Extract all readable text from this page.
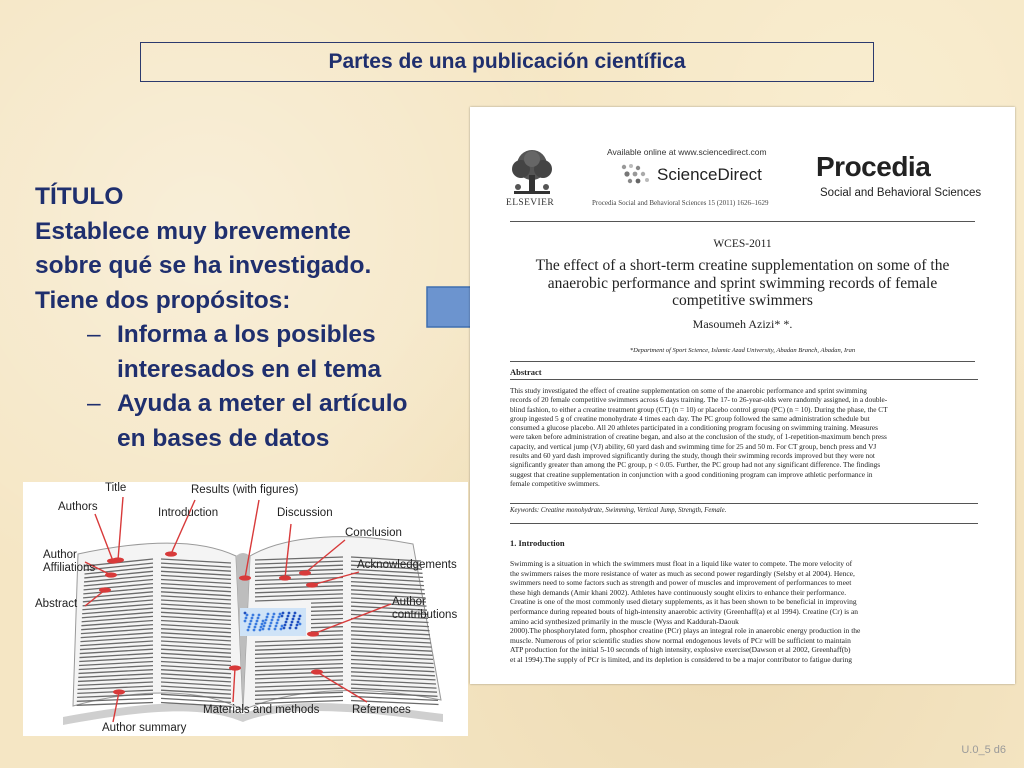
Partes de una publicación científica
TÍTULO
Establece muy brevemente
sobre qué se ha investigado.
Tiene dos propósitos:
– Informa a los posibles
interesados en el tema
– Ayuda a meter el artículo
en bases de datos
ELSEVIER
Available online at www.sciencedirect.com
ScienceDirect
Procedia Social and Behavioral Sciences 15 (2011) 1626–1629
Procedia
Social and Behavioral Sciences
WCES-2011
The effect of a short-term creatine supplementation on some of the
anaerobic performance and sprint swimming records of female
competitive swimmers
Masoumeh Azizi* *.
*Department of Sport Science, Islamic Azad University, Abadan Branch, Abadan, Iran
Abstract
This study investigated the effect of creatine supplementation on some of the anaerobic performance and sprint swimming
records of 20 female competitive swimmers across 6 days training. The 17- to 26-year-olds were randomly assigned, in a double-
blind fashion, to either a creatine treatment group (CT) (n = 10) or placebo control group (PC) (n = 10). During the phase, the CT
group ingested 5 g of creatine monohydrate 4 times each day. The PC group followed the same administration schedule but
consumed a glucose placebo. All 20 athletes participated in a conditioning program focusing on swimming training. Measures
were taken before administration of creatine began, and also at the conclusion of the study, of 1-repetition-maximum bench press
capacity, and vertical jump (VJ) ability, 60 yard dash and swimming time for 25 and 50 m. For CT group, bench press and VJ
results and 60 yard dash improved significantly during the study, though their swimming records improved but they were not
significantly greater than among the PC group, p < 0.05. Further, the PC group had not any significant difference. The findings
suggest that creatine supplementation in conjunction with a good conditioning program can improve athletic performance in
female competitive swimmers.
Keywords: Creatine monohydrate, Swimming, Vertical Jump, Strength, Female.
1. Introduction
Swimming is a situation in which the swimmers must float in a liquid like water to compete. The more velocity of
the swimmers raises the more resistance of water as much as second power regardingly (Selsby et al 2004). Hence,
swimmers need to some factors such as strength and power of muscles and improvement of performances to meet
these high demands (Amir khani 2002). Athletes have continuously sought elixirs to enhance their performance.
Creatine is one of the most commonly used dietary supplements, as it has been shown to be beneficial in improving
performance during repeated bouts of high-intensity anaerobic activity (Greenhaff(a) et al 1994). Creatine (Cr) is an
amino acid synthesized primarily in the muscle (Wyss and Kaddurah-Daouk
2000).The phosphorylated form, phosphor creatine (PCr) plays an integral role in anaerobic energy production in the
muscle. Numerous of prior scientific studies show normal endogenous levels of PCr will be sufficient to maintain
ATP production for the initial 5-10 seconds of high intensity, explosive exercise(Dawson et al 2002, Greenhaff(b)
et al 1994).The supply of PCr is limited, and its depletion is considered to be a major contributor to fatigue during
Title	Results (with figures)
Authors	Introduction	Discussion
Conclusion
Author
Affiliations	Acknowledgements
Abstract	Author
contributions
Materials and methods	References
Author summary
U.0_5 d6
